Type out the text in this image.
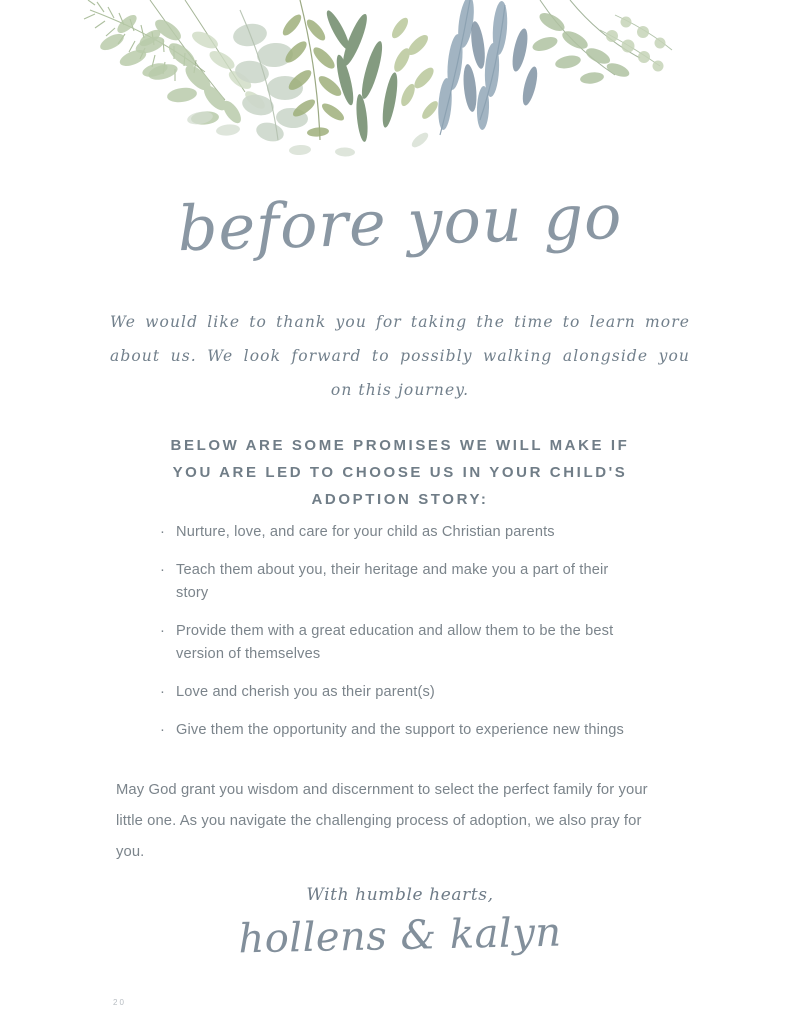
before you go
We would like to thank you for taking the time to learn more
about us. We look forward to possibly walking alongside you
on this journey.
BELOW ARE SOME PROMISES WE WILL MAKE IF
YOU ARE LED TO CHOOSE US IN YOUR CHILD'S
ADOPTION STORY:
· Nurture, love, and care for your child as Christian parents
· Teach them about you, their heritage and make you a part of their story
· Provide them with a great education and allow them to be the best version of themselves
· Love and cherish you as their parent(s)
· Give them the opportunity and the support to experience new things
May God grant you wisdom and discernment to select the perfect family for your little one. As you navigate the challenging process of adoption, we also pray for you.
With humble hearts,
hollens & kalyn
20
